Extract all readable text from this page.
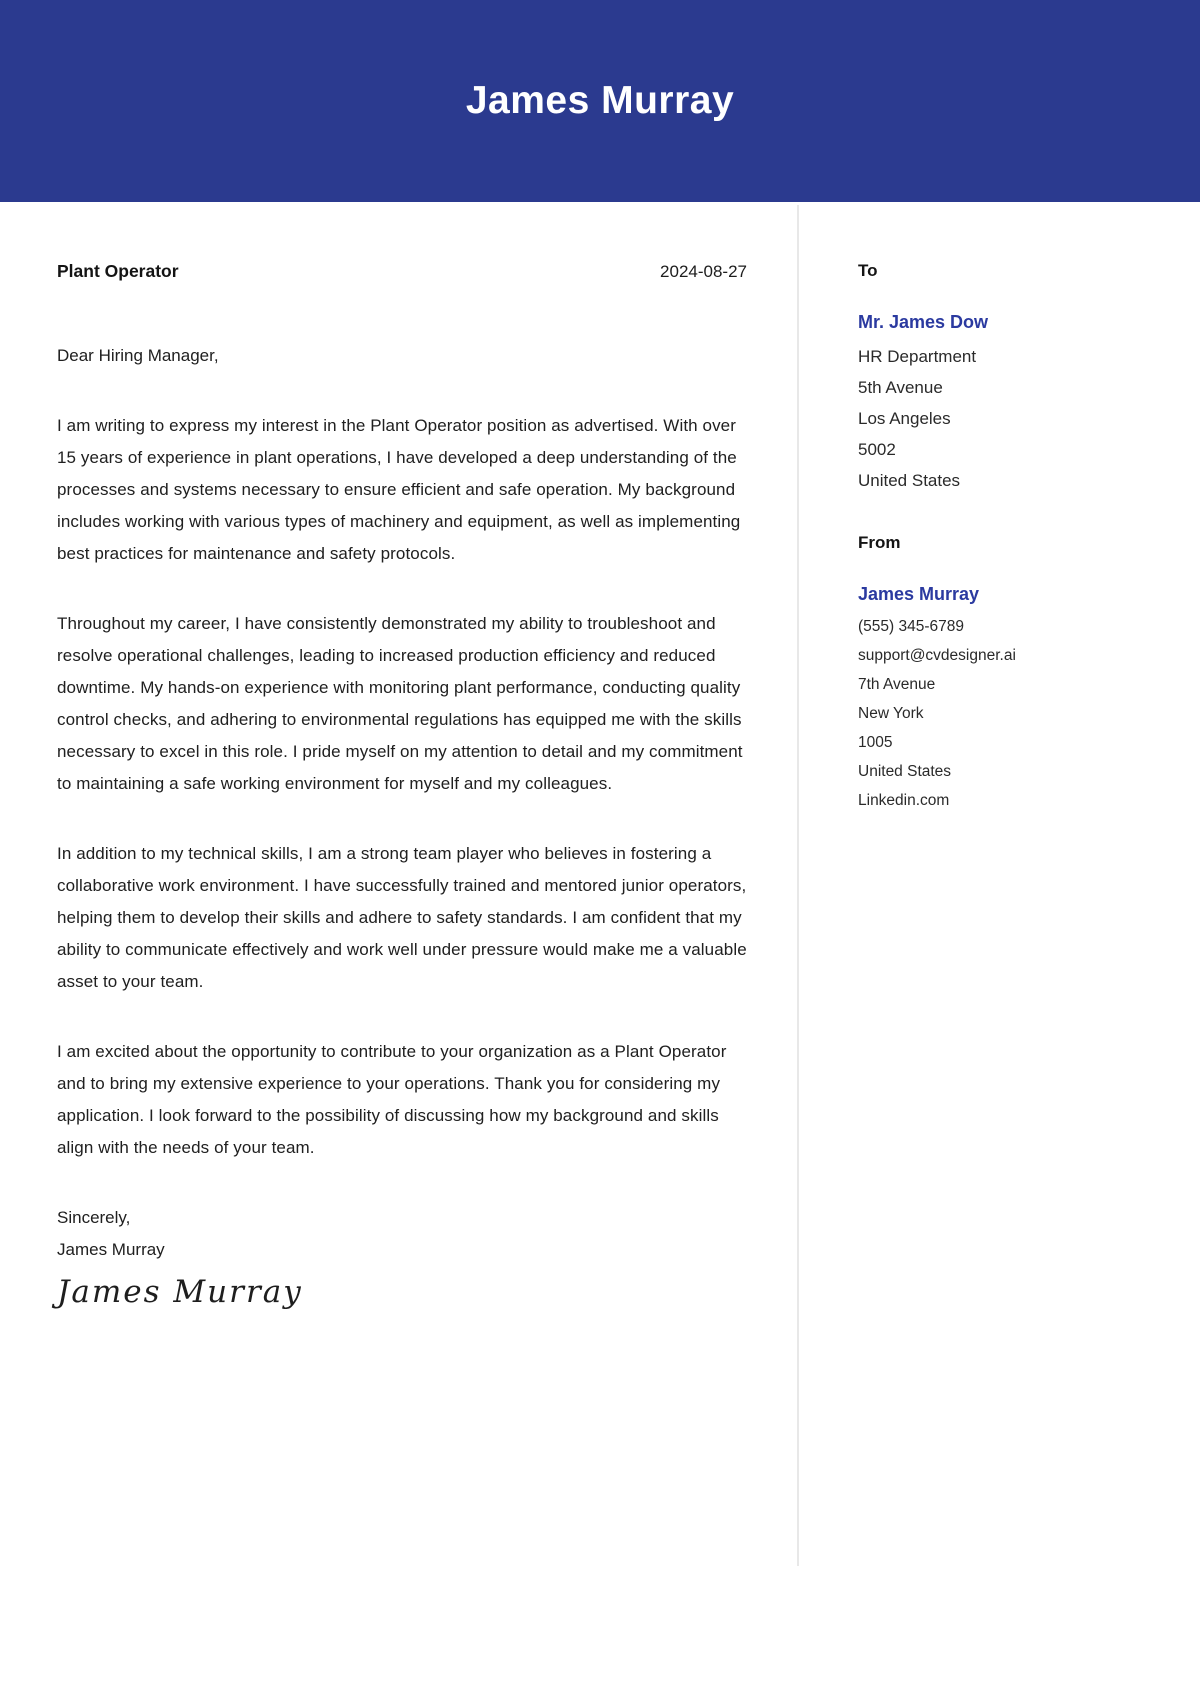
James Murray
Plant Operator	2024-08-27

Dear Hiring Manager,

I am writing to express my interest in the Plant Operator position as advertised. With over 15 years of experience in plant operations, I have developed a deep understanding of the processes and systems necessary to ensure efficient and safe operation. My background includes working with various types of machinery and equipment, as well as implementing best practices for maintenance and safety protocols.

Throughout my career, I have consistently demonstrated my ability to troubleshoot and resolve operational challenges, leading to increased production efficiency and reduced downtime. My hands-on experience with monitoring plant performance, conducting quality control checks, and adhering to environmental regulations has equipped me with the skills necessary to excel in this role. I pride myself on my attention to detail and my commitment to maintaining a safe working environment for myself and my colleagues.

In addition to my technical skills, I am a strong team player who believes in fostering a collaborative work environment. I have successfully trained and mentored junior operators, helping them to develop their skills and adhere to safety standards. I am confident that my ability to communicate effectively and work well under pressure would make me a valuable asset to your team.

I am excited about the opportunity to contribute to your organization as a Plant Operator and to bring my extensive experience to your operations. Thank you for considering my application. I look forward to the possibility of discussing how my background and skills align with the needs of your team.

Sincerely,
James Murray
James Murray
To
Mr. James Dow
HR Department
5th Avenue
Los Angeles
5002
United States
From
James Murray
(555) 345-6789
support@cvdesigner.ai
7th Avenue
New York
1005
United States
Linkedin.com
